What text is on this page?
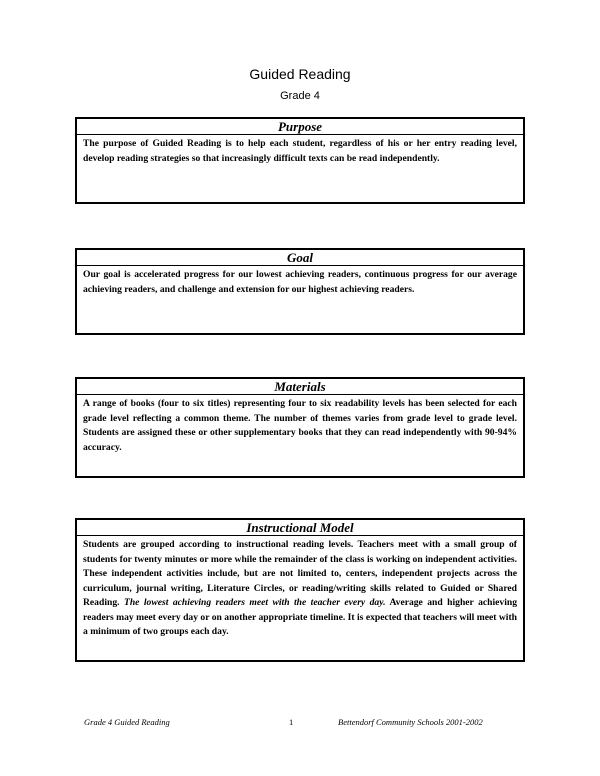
Guided Reading
Grade 4
Purpose
The purpose of Guided Reading is to help each student, regardless of his or her entry reading level, develop reading strategies so that increasingly difficult texts can be read independently.
Goal
Our goal is accelerated progress for our lowest achieving readers, continuous progress for our average achieving readers, and challenge and extension for our highest achieving readers.
Materials
A range of books (four to six titles) representing four to six readability levels has been selected for each grade level reflecting a common theme. The number of themes varies from grade level to grade level. Students are assigned these or other supplementary books that they can read independently with 90-94% accuracy.
Instructional Model
Students are grouped according to instructional reading levels. Teachers meet with a small group of students for twenty minutes or more while the remainder of the class is working on independent activities. These independent activities include, but are not limited to, centers, independent projects across the curriculum, journal writing, Literature Circles, or reading/writing skills related to Guided or Shared Reading. The lowest achieving readers meet with the teacher every day. Average and higher achieving readers may meet every day or on another appropriate timeline. It is expected that teachers will meet with a minimum of two groups each day.
Grade 4 Guided Reading	1	Bettendorf Community Schools 2001-2002
